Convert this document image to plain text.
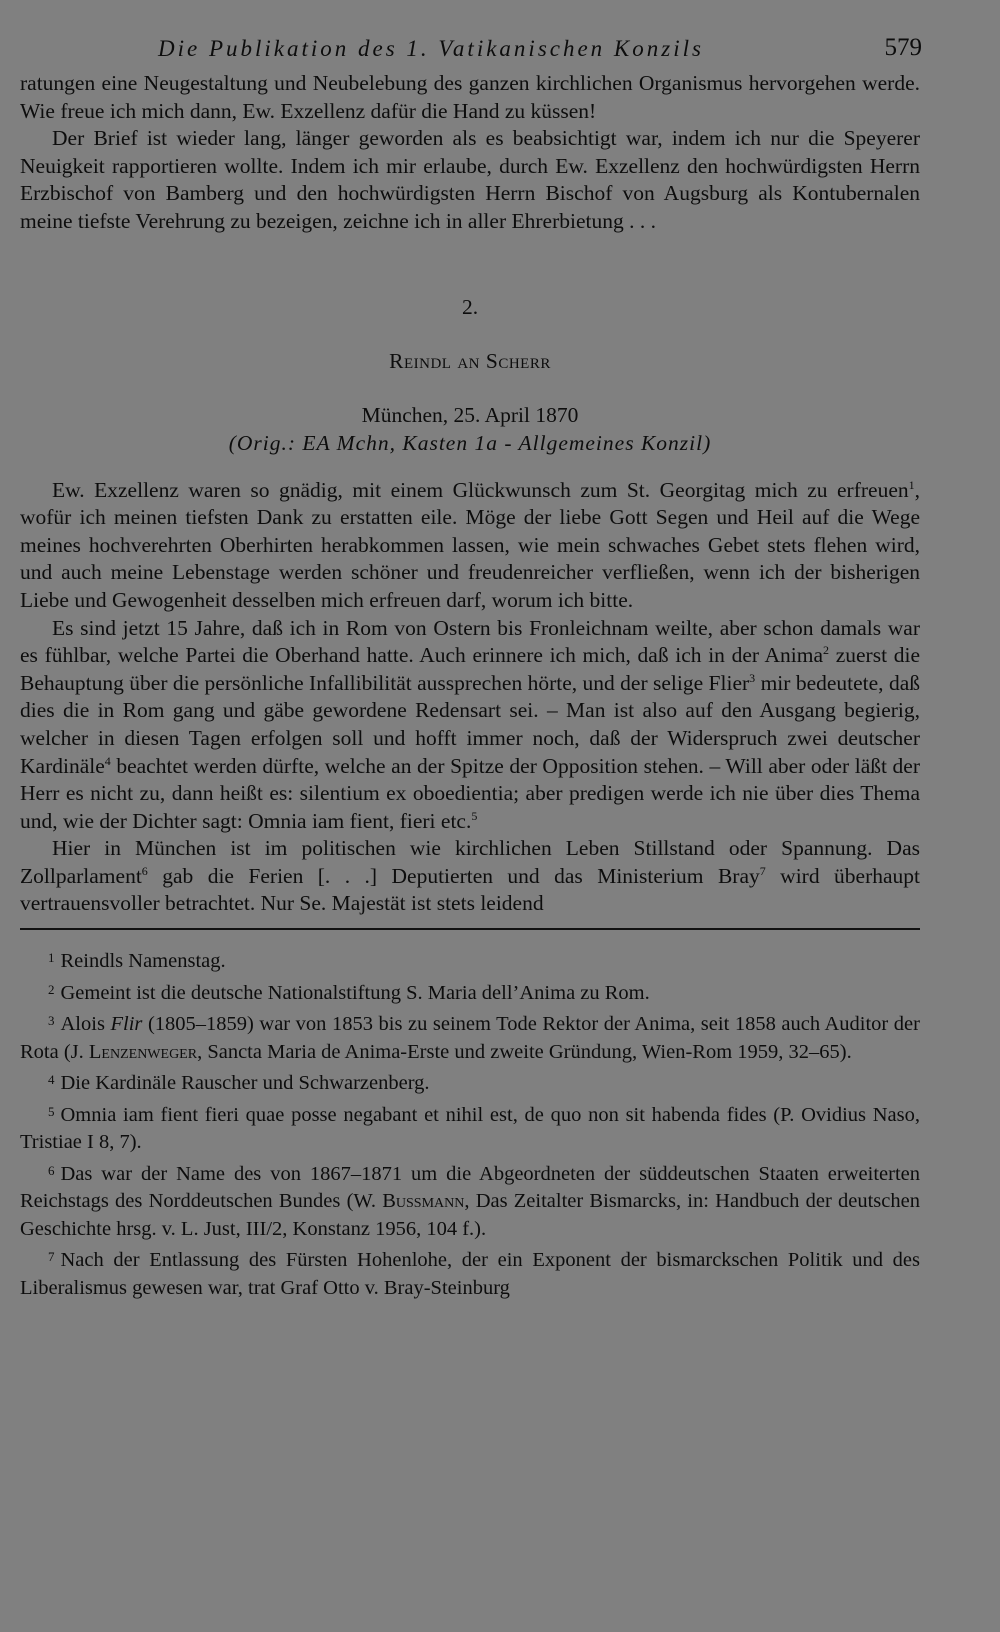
Die Publikation des 1. Vatikanischen Konzils	579

ratungen eine Neugestaltung und Neubelebung des ganzen kirchlichen Organismus hervorgehen werde. Wie freue ich mich dann, Ew. Exzellenz dafür die Hand zu küssen!

Der Brief ist wieder lang, länger geworden als es beabsichtigt war, indem ich nur die Speyerer Neuigkeit rapportieren wollte. Indem ich mir erlaube, durch Ew. Exzellenz den hochwürdigsten Herrn Erzbischof von Bamberg und den hochwürdigsten Herrn Bischof von Augsburg als Kontubernalen meine tiefste Verehrung zu bezeigen, zeichne ich in aller Ehrerbietung . . .

2.
Reindl an Scherr
München, 25. April 1870
(Orig.: EA Mchn, Kasten 1a - Allgemeines Konzil)

Ew. Exzellenz waren so gnädig, mit einem Glückwunsch zum St. Georgitag mich zu erfreuen$^1$, wofür ich meinen tiefsten Dank zu erstatten eile. Möge der liebe Gott Segen und Heil auf die Wege meines hochverehrten Oberhirten herabkommen lassen, wie mein schwaches Gebet stets flehen wird, und auch meine Lebenstage werden schöner und freudenreicher verfließen, wenn ich der bisherigen Liebe und Gewogenheit desselben mich erfreuen darf, worum ich bitte.

Es sind jetzt 15 Jahre, daß ich in Rom von Ostern bis Fronleichnam weilte, aber schon damals war es fühlbar, welche Partei die Oberhand hatte. Auch erinnere ich mich, daß ich in der Anima$^2$ zuerst die Behauptung über die persönliche Infallibilität aussprechen hörte, und der selige Flier$^3$ mir bedeutete, daß dies die in Rom gang und gäbe gewordene Redensart sei. – Man ist also auf den Ausgang begierig, welcher in diesen Tagen erfolgen soll und hofft immer noch, daß der Widerspruch zwei deutscher Kardinäle$^4$ beachtet werden dürfte, welche an der Spitze der Opposition stehen. – Will aber oder läßt der Herr es nicht zu, dann heißt es: silentium ex oboedientia; aber predigen werde ich nie über dies Thema und, wie der Dichter sagt: Omnia iam fient, fieri etc.$^5$

Hier in München ist im politischen wie kirchlichen Leben Stillstand oder Spannung. Das Zollparlament$^6$ gab die Ferien [. . .] Deputierten und das Ministerium Bray$^7$ wird überhaupt vertrauensvoller betrachtet. Nur Se. Majestät ist stets leidend

$^1$ Reindls Namenstag.

$^2$ Gemeint ist die deutsche Nationalstiftung S. Maria dell’Anima zu Rom.

$^3$ Alois Flir (1805–1859) war von 1853 bis zu seinem Tode Rektor der Anima, seit 1858 auch Auditor der Rota (J. Lenzenweger, Sancta Maria de Anima-Erste und zweite Gründung, Wien-Rom 1959, 32–65).

$^4$ Die Kardinäle Rauscher und Schwarzenberg.

$^5$ Omnia iam fient fieri quae posse negabant et nihil est, de quo non sit habenda fides (P. Ovidius Naso, Tristiae I 8, 7).

$^6$ Das war der Name des von 1867–1871 um die Abgeordneten der süddeutschen Staaten erweiterten Reichstags des Norddeutschen Bundes (W. Bussmann, Das Zeitalter Bismarcks, in: Handbuch der deutschen Geschichte hrsg. v. L. Just, III/2, Konstanz 1956, 104 f.).

$^7$ Nach der Entlassung des Fürsten Hohenlohe, der ein Exponent der bismarckschen Politik und des Liberalismus gewesen war, trat Graf Otto v. Bray-Steinburg
